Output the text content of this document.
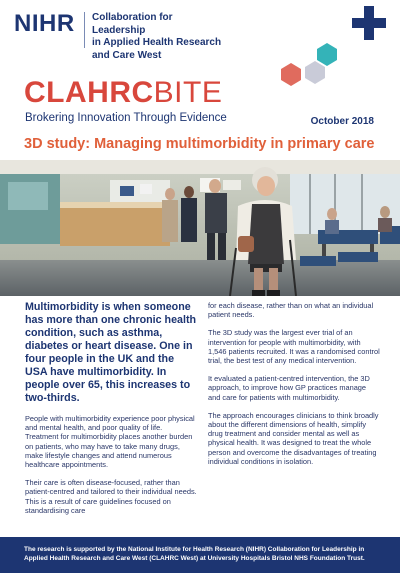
NIHR Collaboration for Leadership
in Applied Health Research
and Care West
CLAHRCBITE
Brokering Innovation Through Evidence	October 2018
3D study: Managing multimorbidity in primary care
Multimorbidity is when someone has more than one chronic health condition, such as asthma, diabetes or heart disease. One in four people in the UK and the USA have multimorbidity. In people over 65, this increases to two-thirds.

People with multimorbidity experience poor physical and mental health, and poor quality of life. Treatment for multimorbidity places another burden on patients, who may have to take many drugs, make lifestyle changes and attend numerous healthcare appointments.

Their care is often disease-focused, rather than patient-centred and tailored to their individual needs. This is a result of care guidelines focused on standardising care

for each disease, rather than on what an individual patient needs.

The 3D study was the largest ever trial of an intervention for people with multimorbidity, with 1,546 patients recruited. It was a randomised control trial, the best test of any medical intervention.

It evaluated a patient-centred intervention, the 3D approach, to improve how GP practices manage and care for patients with multimorbidity.

The approach encourages clinicians to think broadly about the different dimensions of health, simplify drug treatment and consider mental as well as physical health. It was designed to treat the whole person and overcome the disadvantages of treating individual conditions in isolation.

The research is supported by the National Institute for Health Research (NIHR) Collaboration for Leadership in Applied Health Research and Care West (CLAHRC West) at University Hospitals Bristol NHS Foundation Trust.
